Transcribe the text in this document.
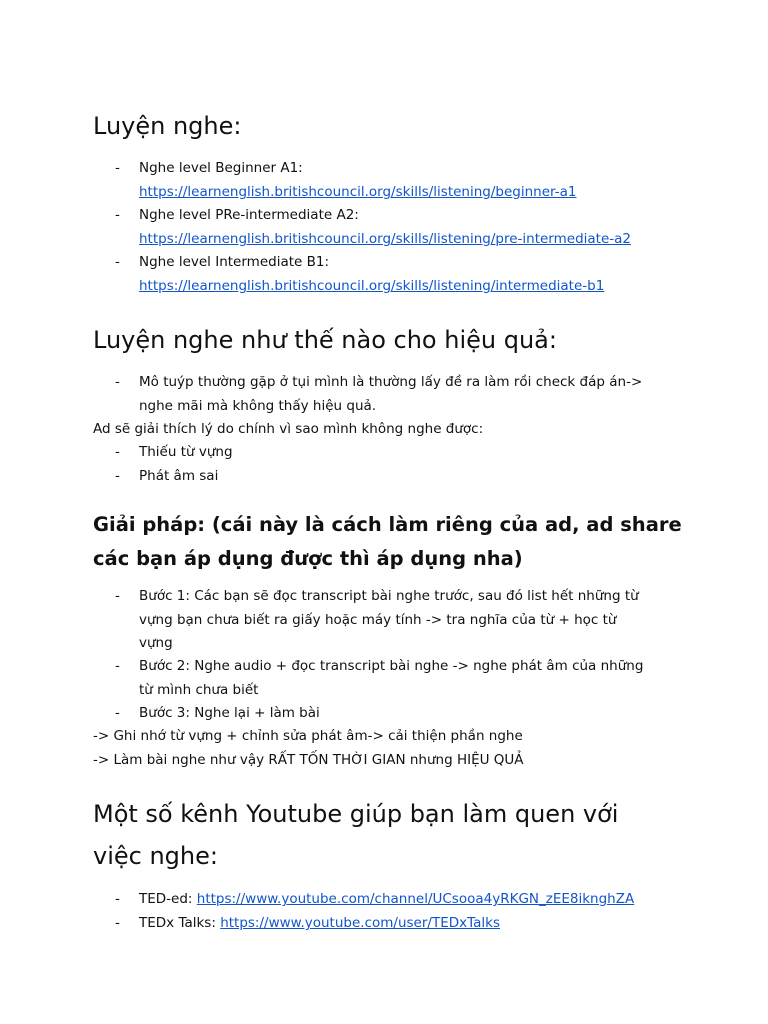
Luyện nghe:
- Nghe level Beginner A1:
https://learnenglish.britishcouncil.org/skills/listening/beginner-a1
- Nghe level PRe-intermediate A2:
https://learnenglish.britishcouncil.org/skills/listening/pre-intermediate-a2
- Nghe level Intermediate B1:
https://learnenglish.britishcouncil.org/skills/listening/intermediate-b1
Luyện nghe như thế nào cho hiệu quả:
- Mô tuýp thường gặp ở tụi mình là thường lấy đề ra làm rồi check đáp án->
nghe mãi mà không thấy hiệu quả.
Ad sẽ giải thích lý do chính vì sao mình không nghe được:
- Thiếu từ vựng
- Phát âm sai
Giải pháp: (cái này là cách làm riêng của ad, ad share
các bạn áp dụng được thì áp dụng nha)
- Bước 1: Các bạn sẽ đọc transcript bài nghe trước, sau đó list hết những từ
vựng bạn chưa biết ra giấy hoặc máy tính -> tra nghĩa của từ + học từ
vựng
- Bước 2: Nghe audio + đọc transcript bài nghe -> nghe phát âm của những
từ mình chưa biết
- Bước 3: Nghe lại + làm bài
-> Ghi nhớ từ vựng + chỉnh sửa phát âm-> cải thiện phần nghe
-> Làm bài nghe như vậy RẤT TỐN THỜI GIAN nhưng HIỆU QUẢ
Một số kênh Youtube giúp bạn làm quen với
việc nghe:
- TED-ed: https://www.youtube.com/channel/UCsooa4yRKGN_zEE8iknghZA
- TEDx Talks: https://www.youtube.com/user/TEDxTalks
